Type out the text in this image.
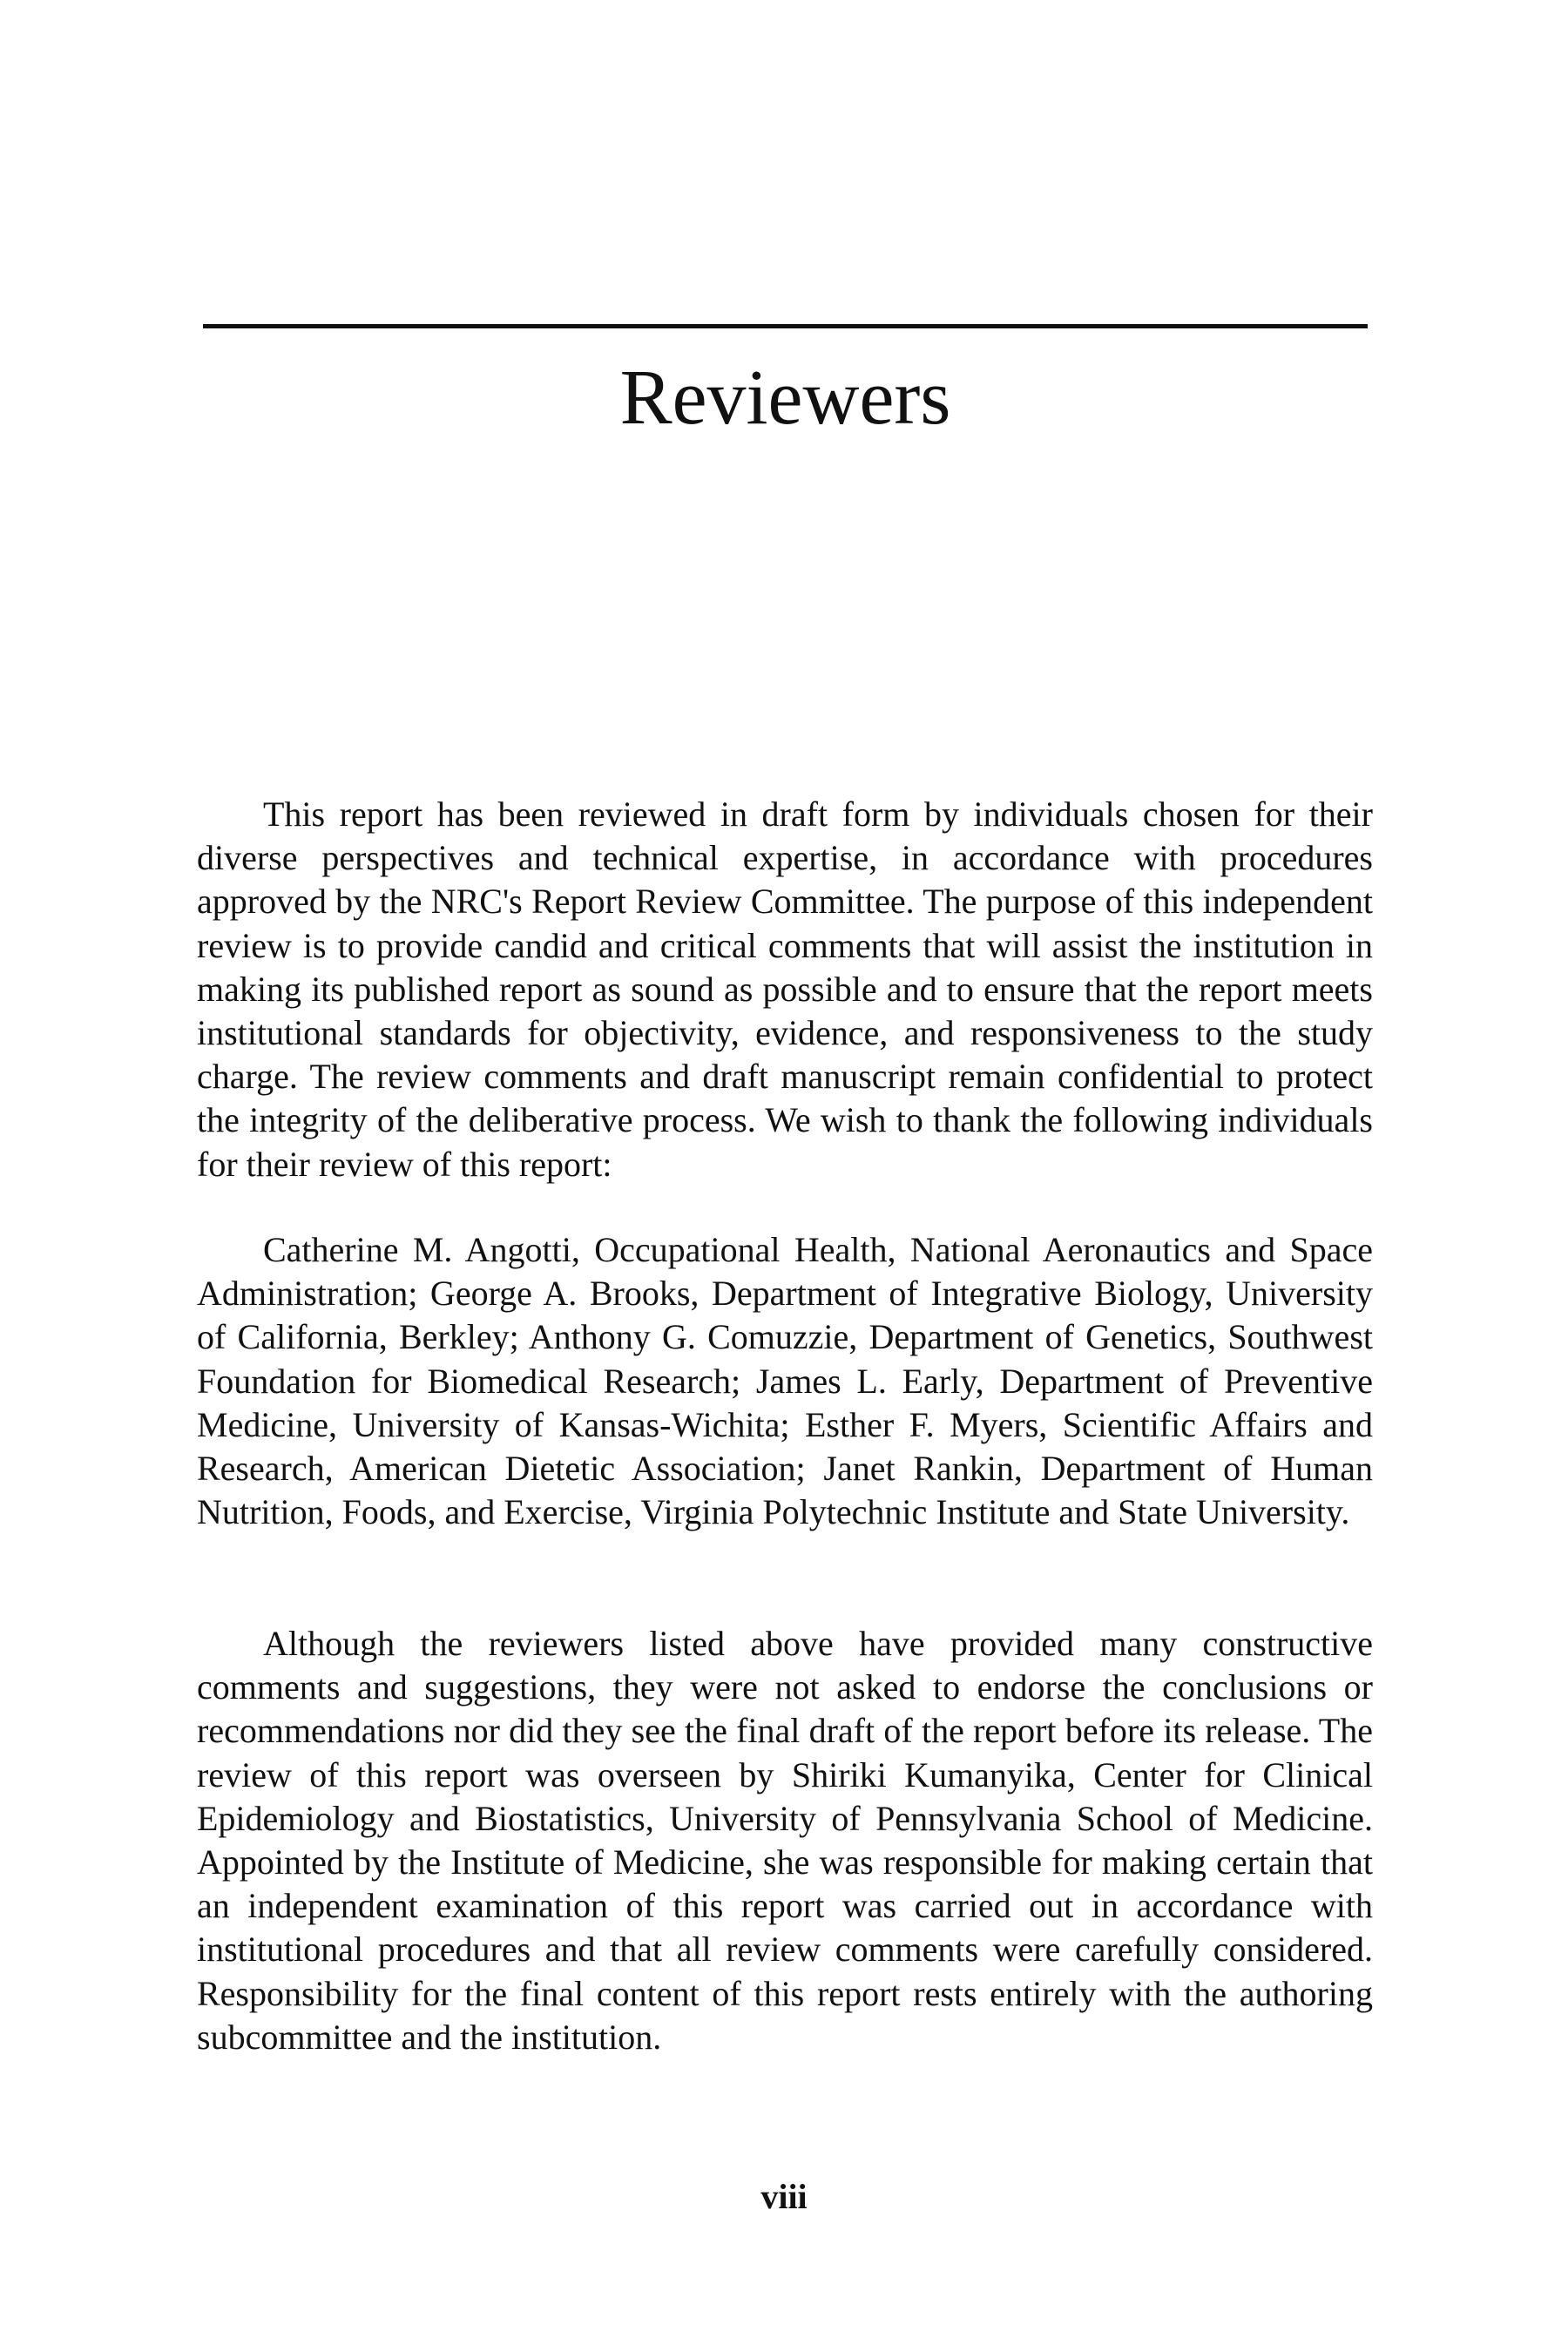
Reviewers

This report has been reviewed in draft form by individuals chosen for their diverse perspectives and technical expertise, in accordance with procedures approved by the NRC's Report Review Committee. The purpose of this independent review is to provide candid and critical comments that will assist the institution in making its published report as sound as possible and to ensure that the report meets institutional standards for objectivity, evidence, and responsiveness to the study charge. The review comments and draft manuscript remain confidential to protect the integrity of the deliberative process. We wish to thank the following individuals for their review of this report:

Catherine M. Angotti, Occupational Health, National Aeronautics and Space Administration; George A. Brooks, Department of Integrative Biology, University of California, Berkley; Anthony G. Comuzzie, Department of Genetics, Southwest Foundation for Biomedical Research; James L. Early, Department of Preventive Medicine, University of Kansas-Wichita; Esther F. Myers, Scientific Affairs and Research, American Dietetic Association; Janet Rankin, Department of Human Nutrition, Foods, and Exercise, Virginia Polytechnic Institute and State University.

Although the reviewers listed above have provided many constructive comments and suggestions, they were not asked to endorse the conclusions or recommendations nor did they see the final draft of the report before its release. The review of this report was overseen by Shiriki Kumanyika, Center for Clinical Epidemiology and Biostatistics, University of Pennsylvania School of Medicine. Appointed by the Institute of Medicine, she was responsible for making certain that an independent examination of this report was carried out in accordance with institutional procedures and that all review comments were carefully considered. Responsibility for the final content of this report rests entirely with the authoring subcommittee and the institution.

viii
